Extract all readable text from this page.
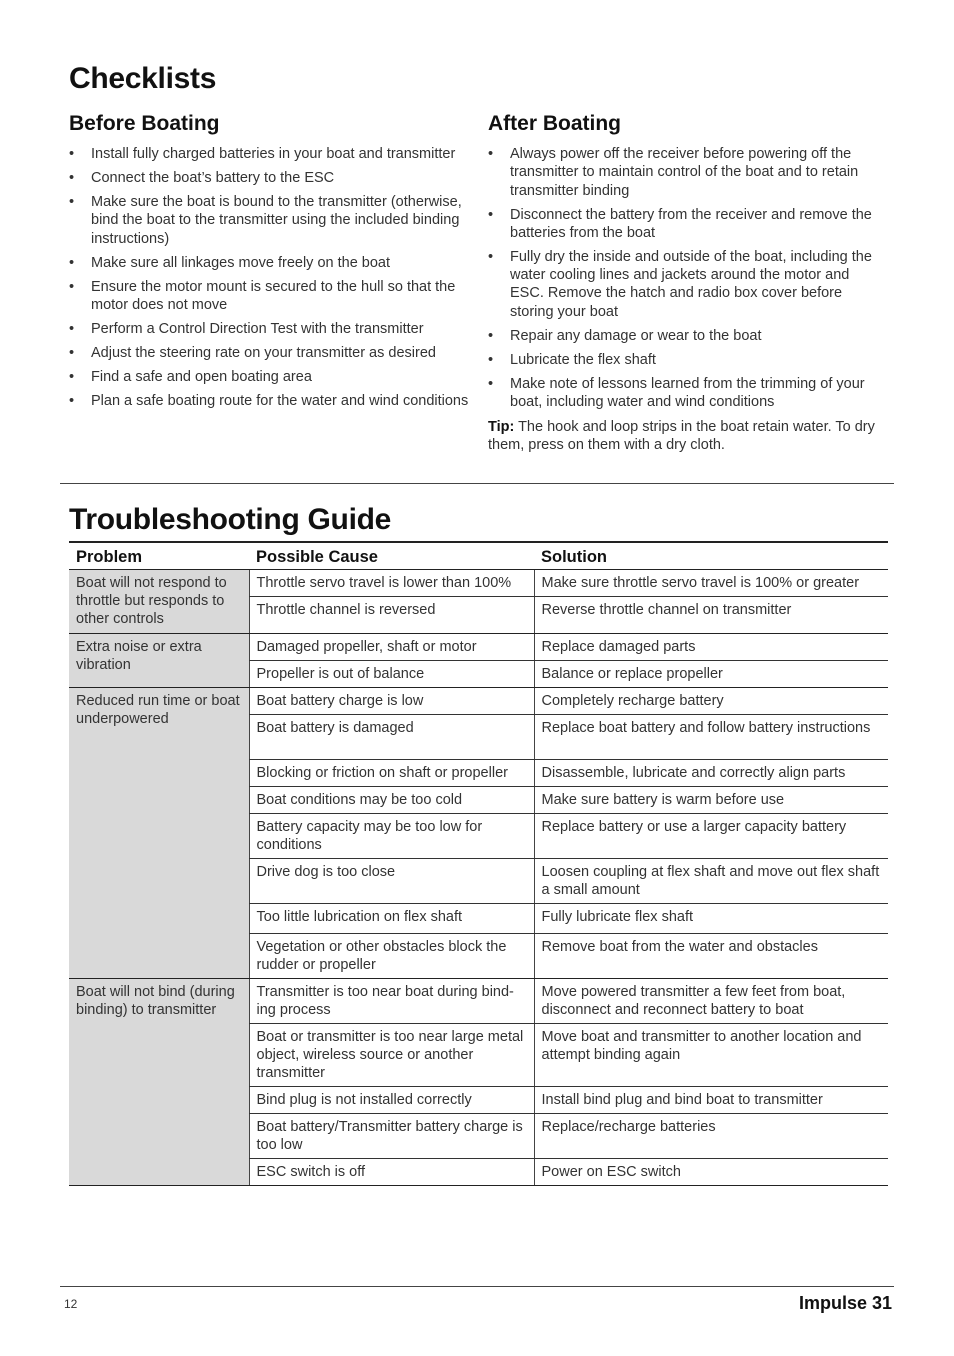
Checklists
Before Boating
• Install fully charged batteries in your boat and transmitter
• Connect the boat’s battery to the ESC
• Make sure the boat is bound to the transmitter (otherwise, bind the boat to the transmitter using the included binding instructions)
• Make sure all linkages move freely on the boat
• Ensure the motor mount is secured to the hull so that the motor does not move
• Perform a Control Direction Test with the transmitter
• Adjust the steering rate on your transmitter as desired
• Find a safe and open boating area
• Plan a safe boating route for the water and wind conditions
After Boating
• Always power off the receiver before powering off the transmitter to maintain control of the boat and to retain transmitter binding
• Disconnect the battery from the receiver and remove the batteries from the boat
• Fully dry the inside and outside of the boat, including the water cooling lines and jackets around the motor and ESC. Remove the hatch and radio box cover before storing your boat
• Repair any damage or wear to the boat
• Lubricate the flex shaft
• Make note of lessons learned from the trimming of your boat, including water and wind conditions
Tip: The hook and loop strips in the boat retain water. To dry them, press on them with a dry cloth.
Troubleshooting Guide
Problem	Possible Cause	Solution
Boat will not respond to throttle but responds to other controls	Throttle servo travel is lower than 100%	Make sure throttle servo travel is 100% or greater
	Throttle channel is reversed	Reverse throttle channel on transmitter
Extra noise or extra vibration	Damaged propeller, shaft or motor	Replace damaged parts
	Propeller is out of balance	Balance or replace propeller
Reduced run time or boat underpowered	Boat battery charge is low	Completely recharge battery
	Boat battery is damaged	Replace boat battery and follow battery instructions
	Blocking or friction on shaft or propeller	Disassemble, lubricate and correctly align parts
	Boat conditions may be too cold	Make sure battery is warm before use
	Battery capacity may be too low for conditions	Replace battery or use a larger capacity battery
	Drive dog is too close	Loosen coupling at flex shaft and move out flex shaft a small amount
	Too little lubrication on flex shaft	Fully lubricate flex shaft
	Vegetation or other obstacles block the rudder or propeller	Remove boat from the water and obstacles
Boat will not bind (during binding) to transmitter	Transmitter is too near boat during bind-ing process	Move powered transmitter a few feet from boat, disconnect and reconnect battery to boat
	Boat or transmitter is too near large metal object, wireless source or another transmitter	Move boat and transmitter to another location and attempt binding again
	Bind plug is not installed correctly	Install bind plug and bind boat to transmitter
	Boat battery/Transmitter battery charge is too low	Replace/recharge batteries
	ESC switch is off	Power on ESC switch
12	Impulse 31
